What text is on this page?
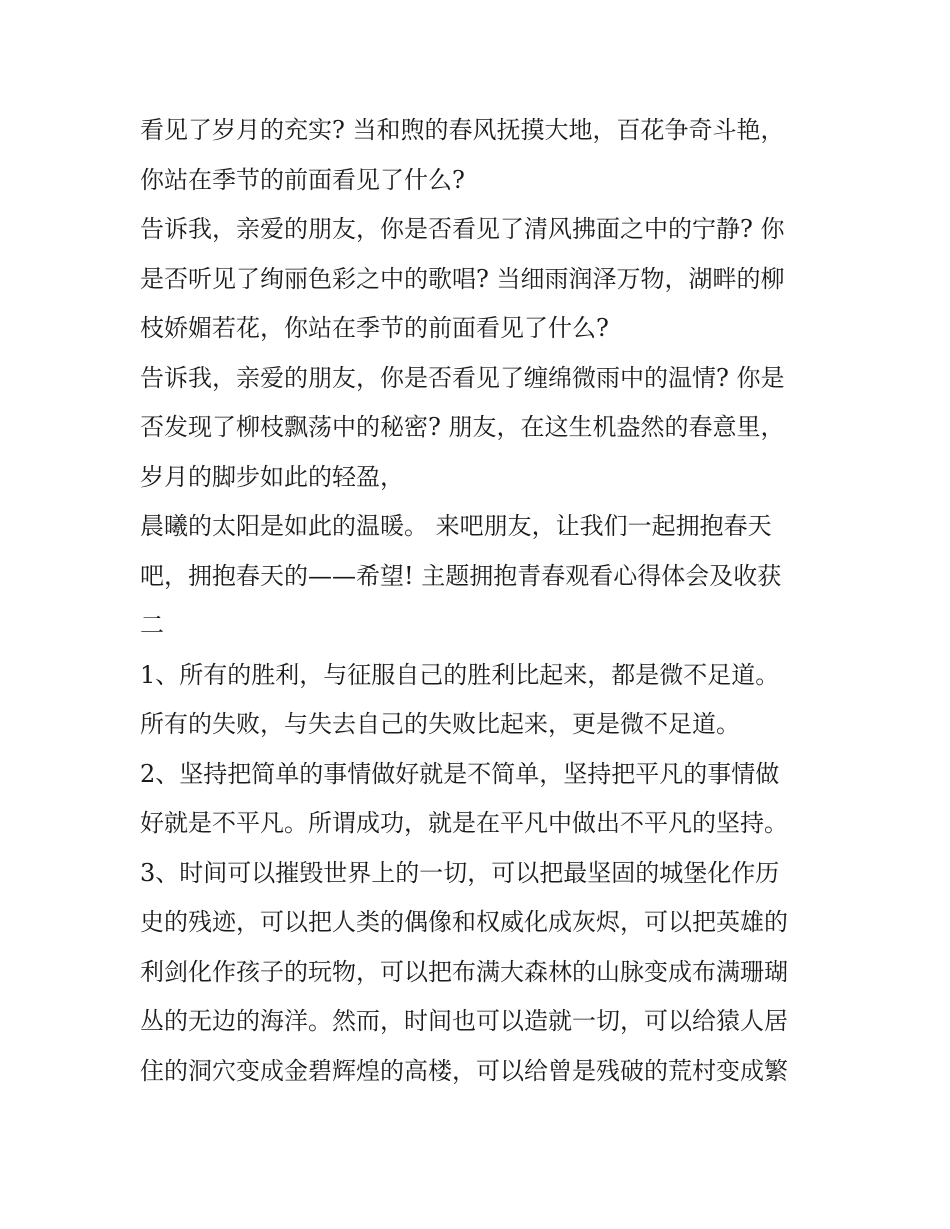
看见了岁月的充实? 当和煦的春风抚摸大地，百花争奇斗艳，
你站在季节的前面看见了什么?
告诉我，亲爱的朋友，你是否看见了清风拂面之中的宁静? 你
是否听见了绚丽色彩之中的歌唱? 当细雨润泽万物，湖畔的柳
枝娇媚若花，你站在季节的前面看见了什么?
告诉我，亲爱的朋友，你是否看见了缠绵微雨中的温情? 你是
否发现了柳枝飘荡中的秘密? 朋友，在这生机盎然的春意里，
岁月的脚步如此的轻盈，
晨曦的太阳是如此的温暖。 来吧朋友，让我们一起拥抱春天
吧，拥抱春天的——希望! 主题拥抱青春观看心得体会及收获
二
1、所有的胜利，与征服自己的胜利比起来，都是微不足道。
所有的失败，与失去自己的失败比起来，更是微不足道。
2、坚持把简单的事情做好就是不简单，坚持把平凡的事情做
好就是不平凡。所谓成功，就是在平凡中做出不平凡的坚持。
3、时间可以摧毁世界上的一切，可以把最坚固的城堡化作历
史的残迹，可以把人类的偶像和权威化成灰烬，可以把英雄的
利剑化作孩子的玩物，可以把布满大森林的山脉变成布满珊瑚
丛的无边的海洋。然而，时间也可以造就一切，可以给猿人居
住的洞穴变成金碧辉煌的高楼，可以给曾是残破的荒村变成繁
